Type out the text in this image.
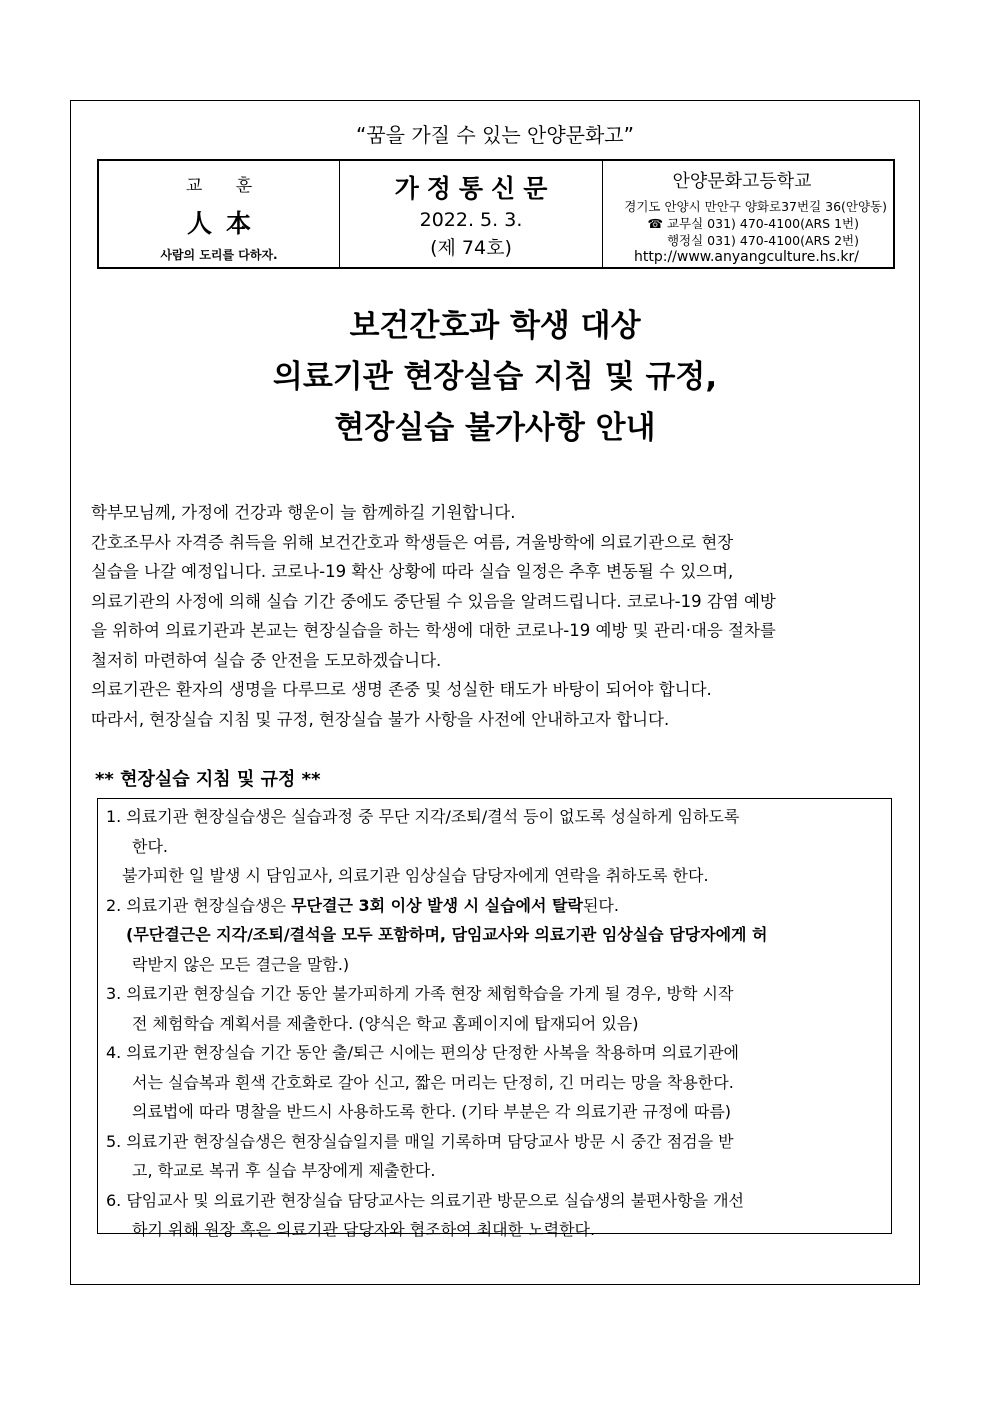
“꿈을 가질 수 있는 안양문화고”
교 훈
人本
사람의 도리를 다하자.
가정통신문
2022. 5. 3.
(제 74호)
안양문화고등학교
경기도 안양시 만안구 양화로37번길 36(안양동)
☎ 교무실 031) 470-4100(ARS 1번)
행정실 031) 470-4100(ARS 2번)
http://www.anyangculture.hs.kr/
보건간호과 학생 대상
의료기관 현장실습 지침 및 규정,
현장실습 불가사항 안내

학부모님께, 가정에 건강과 행운이 늘 함께하길 기원합니다.

간호조무사 자격증 취득을 위해 보건간호과 학생들은 여름, 겨울방학에 의료기관으로 현장

실습을 나갈 예정입니다. 코로나-19 확산 상황에 따라 실습 일정은 추후 변동될 수 있으며,

의료기관의 사정에 의해 실습 기간 중에도 중단될 수 있음을 알려드립니다. 코로나-19 감염 예방

을 위하여 의료기관과 본교는 현장실습을 하는 학생에 대한 코로나-19 예방 및 관리·대응 절차를

철저히 마련하여 실습 중 안전을 도모하겠습니다.

의료기관은 환자의 생명을 다루므로 생명 존중 및 성실한 태도가 바탕이 되어야 합니다.

따라서, 현장실습 지침 및 규정, 현장실습 불가 사항을 사전에 안내하고자 합니다.

** 현장실습 지침 및 규정 **
1. 의료기관 현장실습생은 실습과정 중 무단 지각/조퇴/결석 등이 없도록 성실하게 임하도록
한다.
불가피한 일 발생 시 담임교사, 의료기관 임상실습 담당자에게 연락을 취하도록 한다.
2. 의료기관 현장실습생은 무단결근 3회 이상 발생 시 실습에서 탈락된다.
(무단결근은 지각/조퇴/결석을 모두 포함하며, 담임교사와 의료기관 임상실습 담당자에게 허
락받지 않은 모든 결근을 말함.)
3. 의료기관 현장실습 기간 동안 불가피하게 가족 현장 체험학습을 가게 될 경우, 방학 시작
전 체험학습 계획서를 제출한다. (양식은 학교 홈페이지에 탑재되어 있음)
4. 의료기관 현장실습 기간 동안 출/퇴근 시에는 편의상 단정한 사복을 착용하며 의료기관에
서는 실습복과 흰색 간호화로 갈아 신고, 짧은 머리는 단정히, 긴 머리는 망을 착용한다.
의료법에 따라 명찰을 반드시 사용하도록 한다. (기타 부분은 각 의료기관 규정에 따름)
5. 의료기관 현장실습생은 현장실습일지를 매일 기록하며 담당교사 방문 시 중간 점검을 받
고, 학교로 복귀 후 실습 부장에게 제출한다.
6. 담임교사 및 의료기관 현장실습 담당교사는 의료기관 방문으로 실습생의 불편사항을 개선
하기 위해 원장 혹은 의료기관 담당자와 협조하여 최대한 노력한다.
